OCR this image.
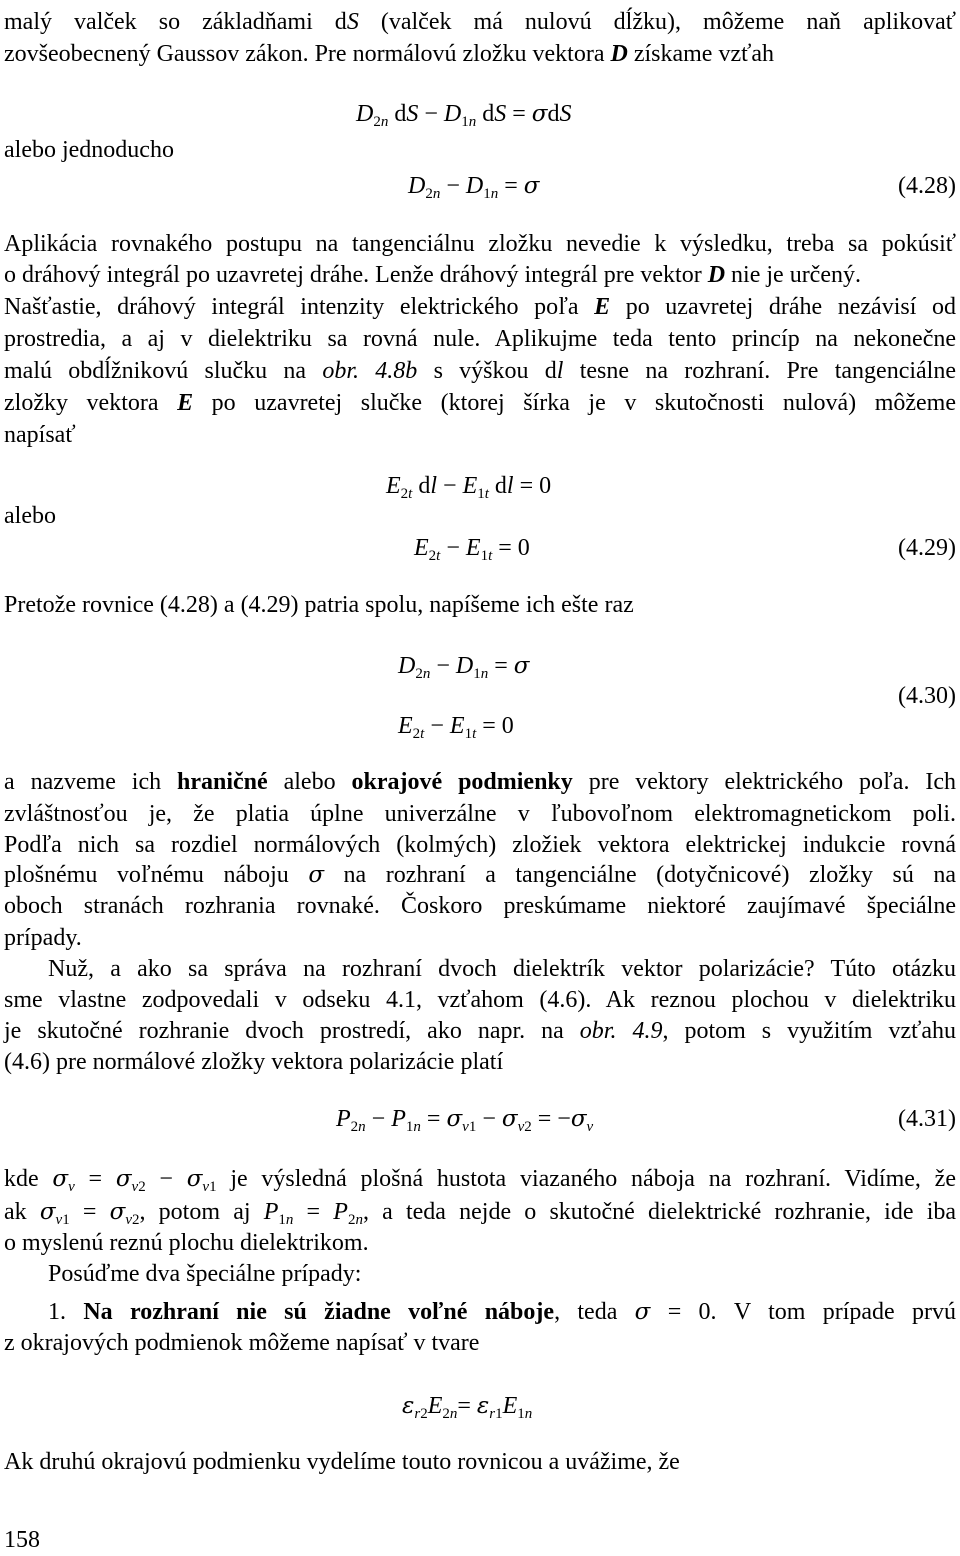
malý valček so základňami dS (valček má nulovú dĺžku), môžeme naň aplikovať
zovšeobecnený Gaussov zákon. Pre normálovú zložku vektora D získame vzťah
$D_{2n}$ dS − $D_{1n}$ dS = σdS
alebo jednoducho
$D_{2n} - D_{1n} = \sigma$	(4.28)
Aplikácia rovnakého postupu na tangenciálnu zložku nevedie k výsledku, treba sa pokúsiť
o dráhový integrál po uzavretej dráhe. Lenže dráhový integrál pre vektor D nie je určený.
Našťastie, dráhový integrál intenzity elektrického poľa E po uzavretej dráhe nezávisí od
prostredia, a aj v dielektriku sa rovná nule. Aplikujme teda tento princíp na nekonečne
malú obdĺžnikovú slučku na obr. 4.8b s výškou dl tesne na rozhraní. Pre tangenciálne
zložky vektora E po uzavretej slučke (ktorej šírka je v skutočnosti nulová) môžeme
napísať
$E_{2t}$ dl − $E_{1t}$ dl = 0
alebo
$E_{2t} - E_{1t} = 0$	(4.29)
Pretože rovnice (4.28) a (4.29) patria spolu, napíšeme ich ešte raz
$D_{2n} - D_{1n} = \sigma$
$E_{2t} - E_{1t} = 0$
(4.30)
a nazveme ich hraničné alebo okrajové podmienky pre vektory elektrického poľa. Ich
zvláštnosťou je, že platia úplne univerzálne v ľubovoľnom elektromagnetickom poli.
Podľa nich sa rozdiel normálových (kolmých) zložiek vektora elektrickej indukcie rovná
plošnému voľnému náboju σ na rozhraní a tangenciálne (dotyčnicové) zložky sú na
oboch stranách rozhrania rovnaké. Čoskoro preskúmame niektoré zaujímavé špeciálne
prípady.
Nuž, a ako sa správa na rozhraní dvoch dielektrík vektor polarizácie? Túto otázku
sme vlastne zodpovedali v odseku 4.1, vzťahom (4.6). Ak reznou plochou v dielektriku
je skutočné rozhranie dvoch prostredí, ako napr. na obr. 4.9, potom s využitím vzťahu
(4.6) pre normálové zložky vektora polarizácie platí
$P_{2n} - P_{1n} = \sigma_{v1} - \sigma_{v2} = -\sigma_v$	(4.31)
kde $\sigma_v = \sigma_{v2} - \sigma_{v1}$ je výsledná plošná hustota viazaného náboja na rozhraní. Vidíme, že
ak $\sigma_{v1} = \sigma_{v2}$, potom aj $P_{1n} = P_{2n}$, a teda nejde o skutočné dielektrické rozhranie, ide iba
o myslenú reznú plochu dielektrikom.
Posúďme dva špeciálne prípady:
1. Na rozhraní nie sú žiadne voľné náboje, teda σ = 0. V tom prípade prvú
z okrajových podmienok môžeme napísať v tvare
$\varepsilon_{r2}E_{2n}= \varepsilon_{r1}E_{1n}$
Ak druhú okrajovú podmienku vydelíme touto rovnicou a uvážime, že
158
